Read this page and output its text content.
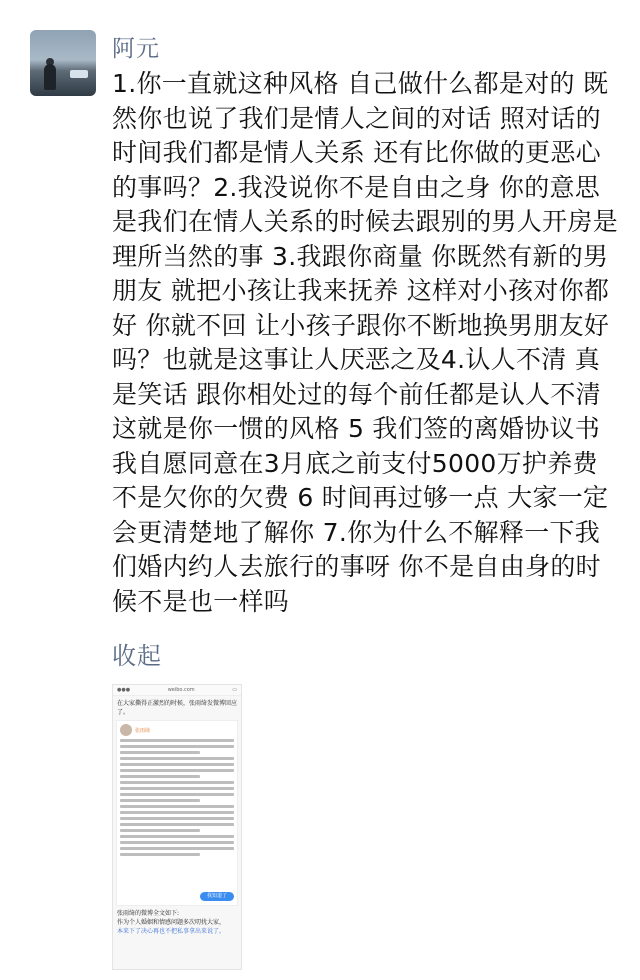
阿元

1.你一直就这种风格 自己做什么都是对的 既然你也说了我们是情人之间的对话 照对话的时间我们都是情人关系 还有比你做的更恶心的事吗？2.我没说你不是自由之身 你的意思是我们在情人关系的时候去跟别的男人开房是理所当然的事 3.我跟你商量 你既然有新的男朋友 就把小孩让我来抚养 这样对小孩对你都好 你就不回 让小孩子跟你不断地换男朋友好吗？也就是这事让人厌恶之及4.认人不清 真是笑话 跟你相处过的每个前任都是认人不清 这就是你一惯的风格 5 我们签的离婚协议书 我自愿同意在3月底之前支付5000万护养费 不是欠你的欠费 6 时间再过够一点 大家一定会更清楚地了解你 7.你为什么不解释一下我们婚内约人去旅行的事呀 你不是自由身的时候不是也一样吗

收起
●●●	weibo.com	▭
在大家撕得正激烈的时候，张雨绮发微博回应了。
张雨绮
我知道了
张雨绮的微博全文如下:
作为个人婚姻和情感问题多次叨扰大家，
本来下了决心再也不把私事拿出来说了。
